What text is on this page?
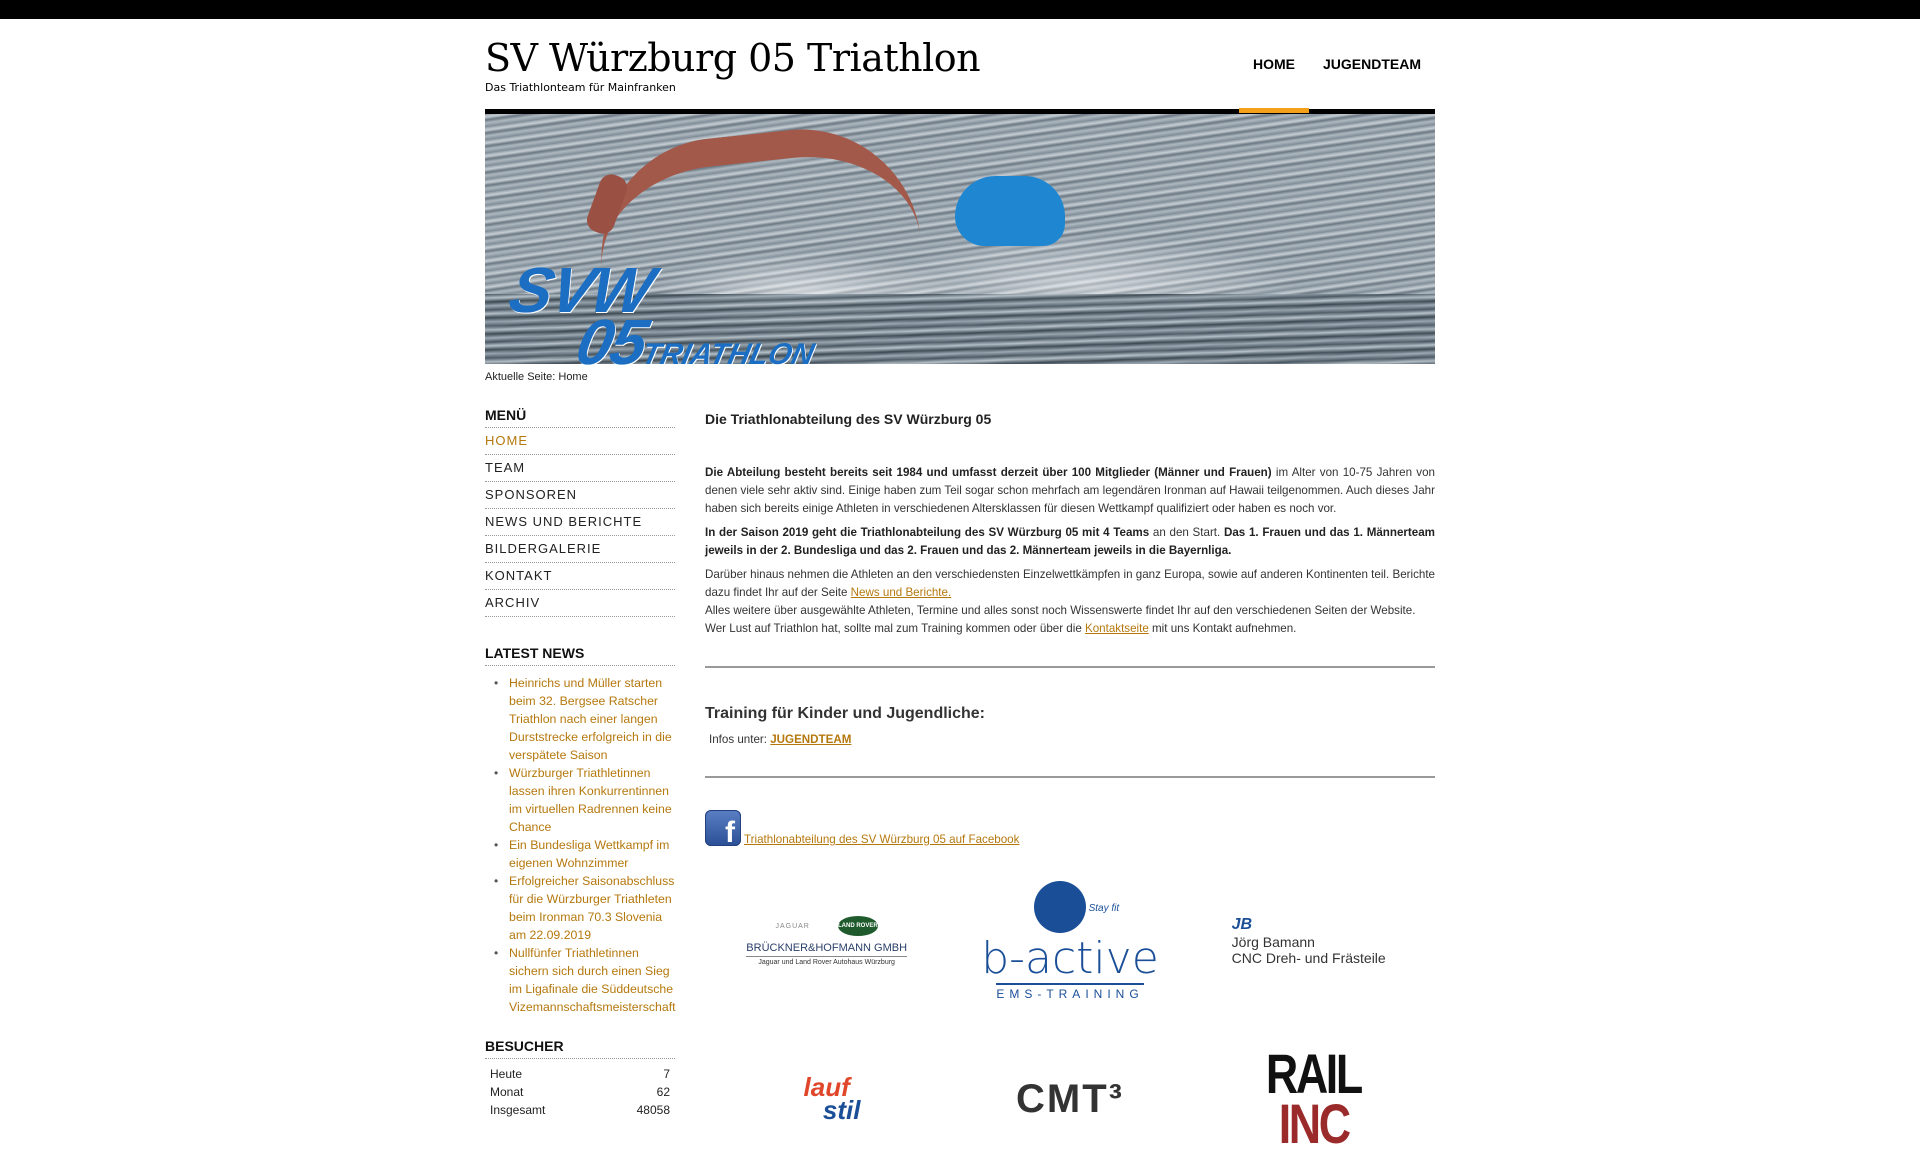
SV Würzburg 05 Triathlon
Das Triathlonteam für Mainfranken
HOME	JUGENDTEAM
SVW
05TRIATHLON
Aktuelle Seite: Home
MENÜ
HOME
TEAM
SPONSOREN
NEWS UND BERICHTE
BILDERGALERIE
KONTAKT
ARCHIV
LATEST NEWS
• Heinrichs und Müller starten beim 32. Bergsee Ratscher Triathlon nach einer langen Durststrecke erfolgreich in die verspätete Saison
• Würzburger Triathletinnen lassen ihren Konkurrentinnen im virtuellen Radrennen keine Chance
• Ein Bundesliga Wettkampf im eigenen Wohnzimmer
• Erfolgreicher Saisonabschluss für die Würzburger Triathleten beim Ironman 70.3 Slovenia am 22.09.2019
• Nullfünfer Triathletinnen sichern sich durch einen Sieg im Ligafinale die Süddeutsche Vizemannschaftsmeisterschaft
BESUCHER
Heute	7
Monat	62
Insgesamt	48058
Die Triathlonabteilung des SV Würzburg 05

Die Abteilung besteht bereits seit 1984 und umfasst derzeit über 100 Mitglieder (Männer und Frauen) im Alter von 10-75 Jahren von denen viele sehr aktiv sind. Einige haben zum Teil sogar schon mehrfach am legendären Ironman auf Hawaii teilgenommen. Auch dieses Jahr haben sich bereits einige Athleten in verschiedenen Altersklassen für diesen Wettkampf qualifiziert oder haben es noch vor.

In der Saison 2019 geht die Triathlonabteilung des SV Würzburg 05 mit 4 Teams an den Start. Das 1. Frauen und das 1. Männerteam jeweils in der 2. Bundesliga und das 2. Frauen und das 2. Männerteam jeweils in die Bayernliga.

Darüber hinaus nehmen die Athleten an den verschiedensten Einzelwettkämpfen in ganz Europa, sowie auf anderen Kontinenten teil. Berichte dazu findet Ihr auf der Seite News und Berichte.
Alles weitere über ausgewählte Athleten, Termine und alles sonst noch Wissenswerte findet Ihr auf den verschiedenen Seiten der Website.
Wer Lust auf Triathlon hat, sollte mal zum Training kommen oder über die Kontaktseite mit uns Kontakt aufnehmen.

Training für Kinder und Jugendliche:
Infos unter: JUGENDTEAM
f Triathlonabteilung des SV Würzburg 05 auf Facebook
JAGUAR	LAND ROVER
BRÜCKNER&HOFMANN GMBH
Jaguar und Land Rover Autohaus Würzburg
~ Stay fit b-active
EMS-TRAINING
JB
Jörg Bamann
CNC Dreh- und Frästeile
lauf
stil	CMT³	RAIL
INC
